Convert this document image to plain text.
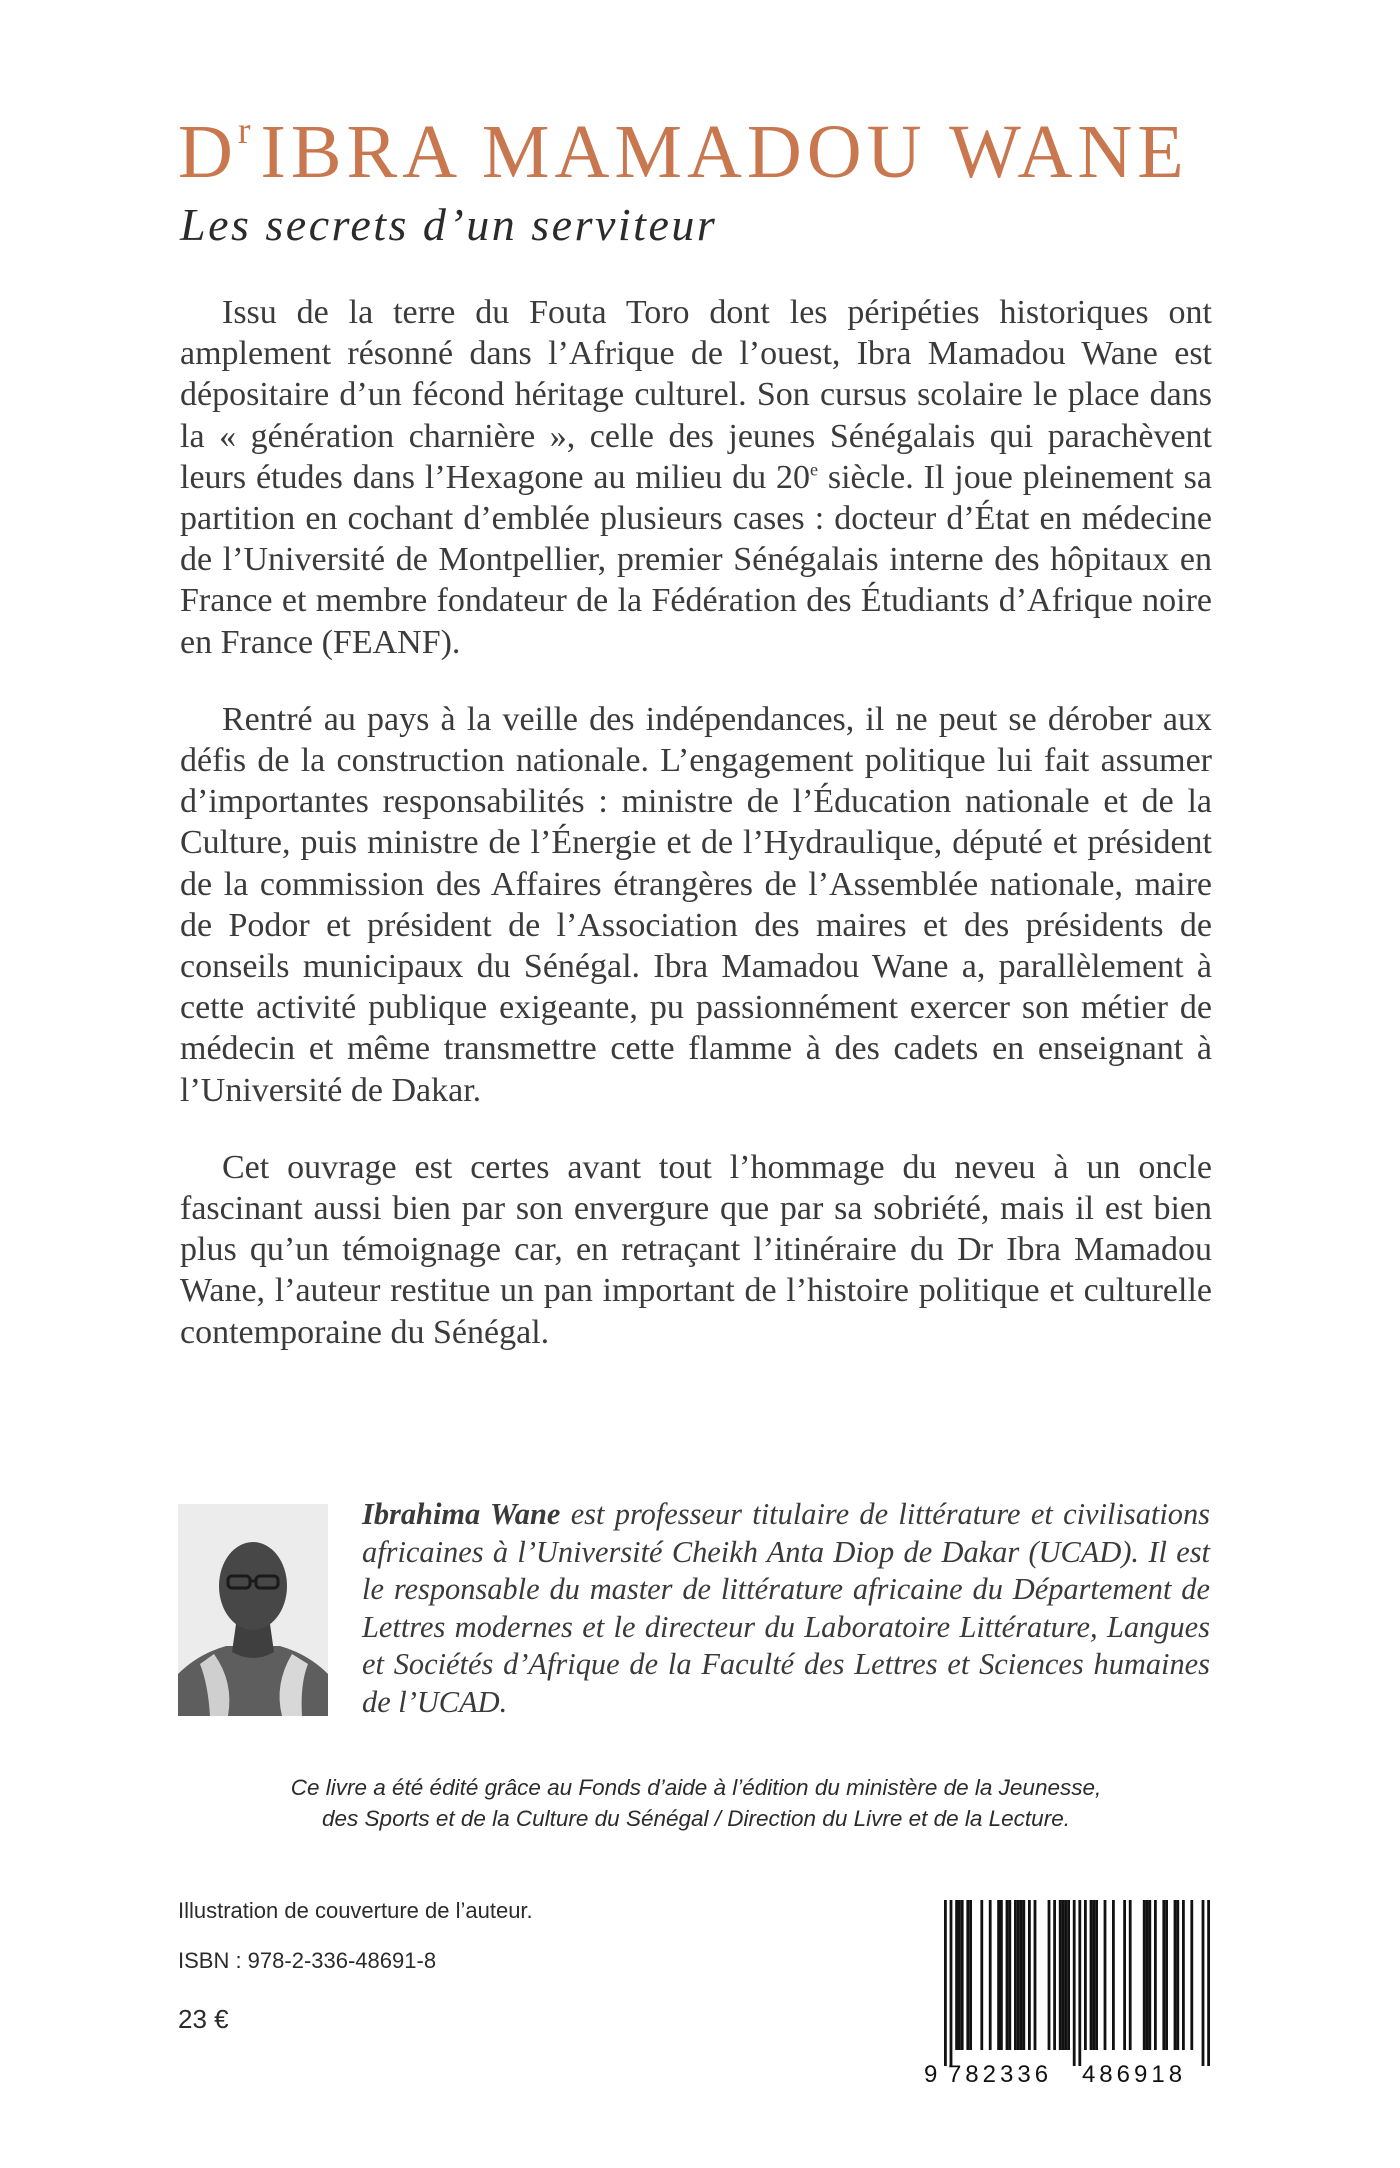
$D^r$ IBRA MAMADOU WANE
Les secrets d’un serviteur

Issu de la terre du Fouta Toro dont les péripéties historiques ont amplement résonné dans l’Afrique de l’ouest, Ibra Mamadou Wane est dépositaire d’un fécond héritage culturel. Son cursus scolaire le place dans la « génération charnière », celle des jeunes Sénégalais qui parachèvent leurs études dans l’Hexagone au milieu du 20e siècle. Il joue pleinement sa partition en cochant d’emblée plusieurs cases : docteur d’État en médecine de l’Université de Montpellier, premier Sénégalais interne des hôpitaux en France et membre fondateur de la Fédération des Étudiants d’Afrique noire en France (FEANF).

Rentré au pays à la veille des indépendances, il ne peut se dérober aux défis de la construction nationale. L’engagement politique lui fait assumer d’importantes responsabilités : ministre de l’Éducation nationale et de la Culture, puis ministre de l’Énergie et de l’Hydraulique, député et président de la commission des Affaires étrangères de l’Assemblée nationale, maire de Podor et président de l’Association des maires et des présidents de conseils municipaux du Sénégal. Ibra Mamadou Wane a, parallèlement à cette activité publique exigeante, pu passionnément exercer son métier de médecin et même transmettre cette flamme à des cadets en enseignant à l’Université de Dakar.

Cet ouvrage est certes avant tout l’hommage du neveu à un oncle fascinant aussi bien par son envergure que par sa sobriété, mais il est bien plus qu’un témoignage car, en retraçant l’itinéraire du Dr Ibra Mamadou Wane, l’auteur restitue un pan important de l’histoire politique et culturelle contemporaine du Sénégal.

Ibrahima Wane est professeur titulaire de littérature et civilisations africaines à l’Université Cheikh Anta Diop de Dakar (UCAD). Il est le responsable du master de littérature africaine du Département de Lettres modernes et le directeur du Laboratoire Littérature, Langues et Sociétés d’Afrique de la Faculté des Lettres et Sciences humaines de l’UCAD.

Ce livre a été édité grâce au Fonds d’aide à l’édition du ministère de la Jeunesse,
des Sports et de la Culture du Sénégal / Direction du Livre et de la Lecture.

Illustration de couverture de l’auteur.

ISBN : 978-2-336-48691-8

23 €

9 782336 486918
